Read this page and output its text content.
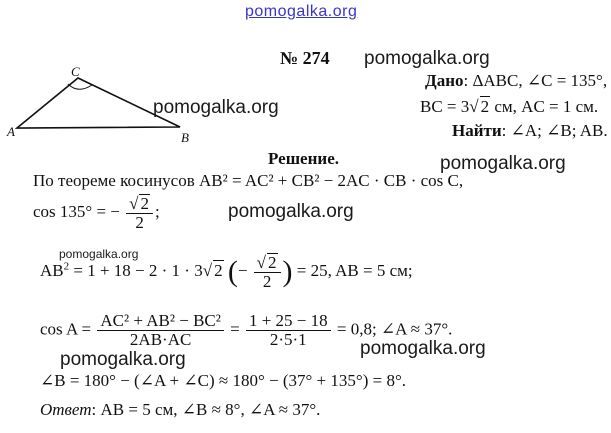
pomogalka.org
A	B
C
№ 274 pomogalka.org
pomogalka.org
pomogalka.org
pomogalka.org
pomogalka.org
pomogalka.org
pomogalka.org
Дано: ΔABC, ∠C = 135°,
BC = 3√ 2 см, AC = 1 см.
Найти: ∠A; ∠B; AB.
Решение.
По теореме косинусов AB² = AC² + CB² − 2AC · CB · cos C,
cos 135° = − $\frac{√ 2}{2}$ ;
$AB^2 = 1 + 18 - 2 \cdot 1 \cdot 3√$ 2 (− $\frac{√ 2}{2}$ ) = 25, AB = 5 см;
$\cos A = \frac{\text{AC² + AB² − BC²}}{2AB\cdot AC} = \frac{1 + 25 - 18}{2\cdot 5\cdot 1} = 0,8$; ∠A ≈ 37°.
∠B = 180° − (∠A + ∠C) ≈ 180° − (37° + 135°) = 8°.
Ответ: AB = 5 см, ∠B ≈ 8°, ∠A ≈ 37°.
